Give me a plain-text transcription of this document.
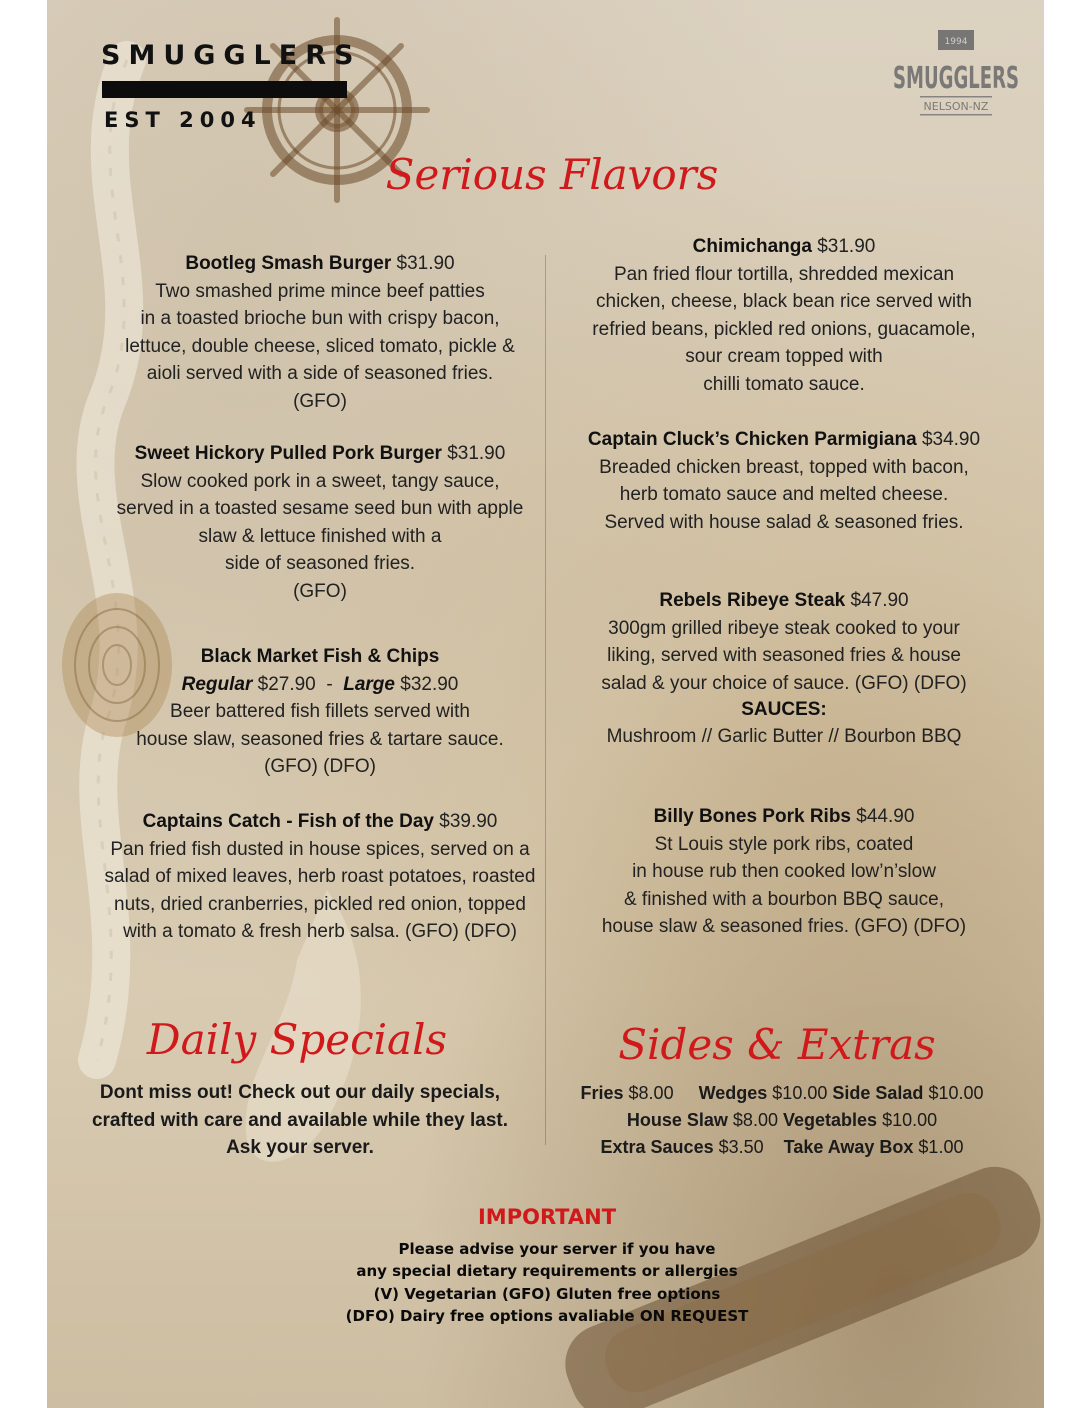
SMUGGLERS
EST 2004
1994
SMUGGLERS
NELSON-NZ
Serious Flavors
Bootleg Smash Burger $31.90
Two smashed prime mince beef patties
in a toasted brioche bun with crispy bacon,
lettuce, double cheese, sliced tomato, pickle &
aioli served with a side of seasoned fries.
(GFO)
Sweet Hickory Pulled Pork Burger $31.90
Slow cooked pork in a sweet, tangy sauce,
served in a toasted sesame seed bun with apple
slaw & lettuce finished with a
side of seasoned fries.
(GFO)
Black Market Fish & Chips
Regular $27.90 - Large $32.90
Beer battered fish fillets served with
house slaw, seasoned fries & tartare sauce.
(GFO) (DFO)
Captains Catch - Fish of the Day $39.90
Pan fried fish dusted in house spices, served on a
salad of mixed leaves, herb roast potatoes, roasted
nuts, dried cranberries, pickled red onion, topped
with a tomato & fresh herb salsa. (GFO) (DFO)
Chimichanga $31.90
Pan fried flour tortilla, shredded mexican
chicken, cheese, black bean rice served with
refried beans, pickled red onions, guacamole,
sour cream topped with
chilli tomato sauce.
Captain Cluck’s Chicken Parmigiana $34.90
Breaded chicken breast, topped with bacon,
herb tomato sauce and melted cheese.
Served with house salad & seasoned fries.
Rebels Ribeye Steak $47.90
300gm grilled ribeye steak cooked to your
liking, served with seasoned fries & house
salad & your choice of sauce. (GFO) (DFO)
SAUCES:
Mushroom // Garlic Butter // Bourbon BBQ
Billy Bones Pork Ribs $44.90
St Louis style pork ribs, coated
in house rub then cooked low’n’slow
& finished with a bourbon BBQ sauce,
house slaw & seasoned fries. (GFO) (DFO)
Daily Specials
Dont miss out! Check out our daily specials,
crafted with care and available while they last.
Ask your server.
Sides & Extras
Fries $8.00 Wedges $10.00 Side Salad $10.00
House Slaw $8.00 Vegetables $10.00
Extra Sauces $3.50 Take Away Box $1.00
IMPORTANT
Please advise your server if you have
any special dietary requirements or allergies
(V) Vegetarian (GFO) Gluten free options
(DFO) Dairy free options avaliable ON REQUEST
